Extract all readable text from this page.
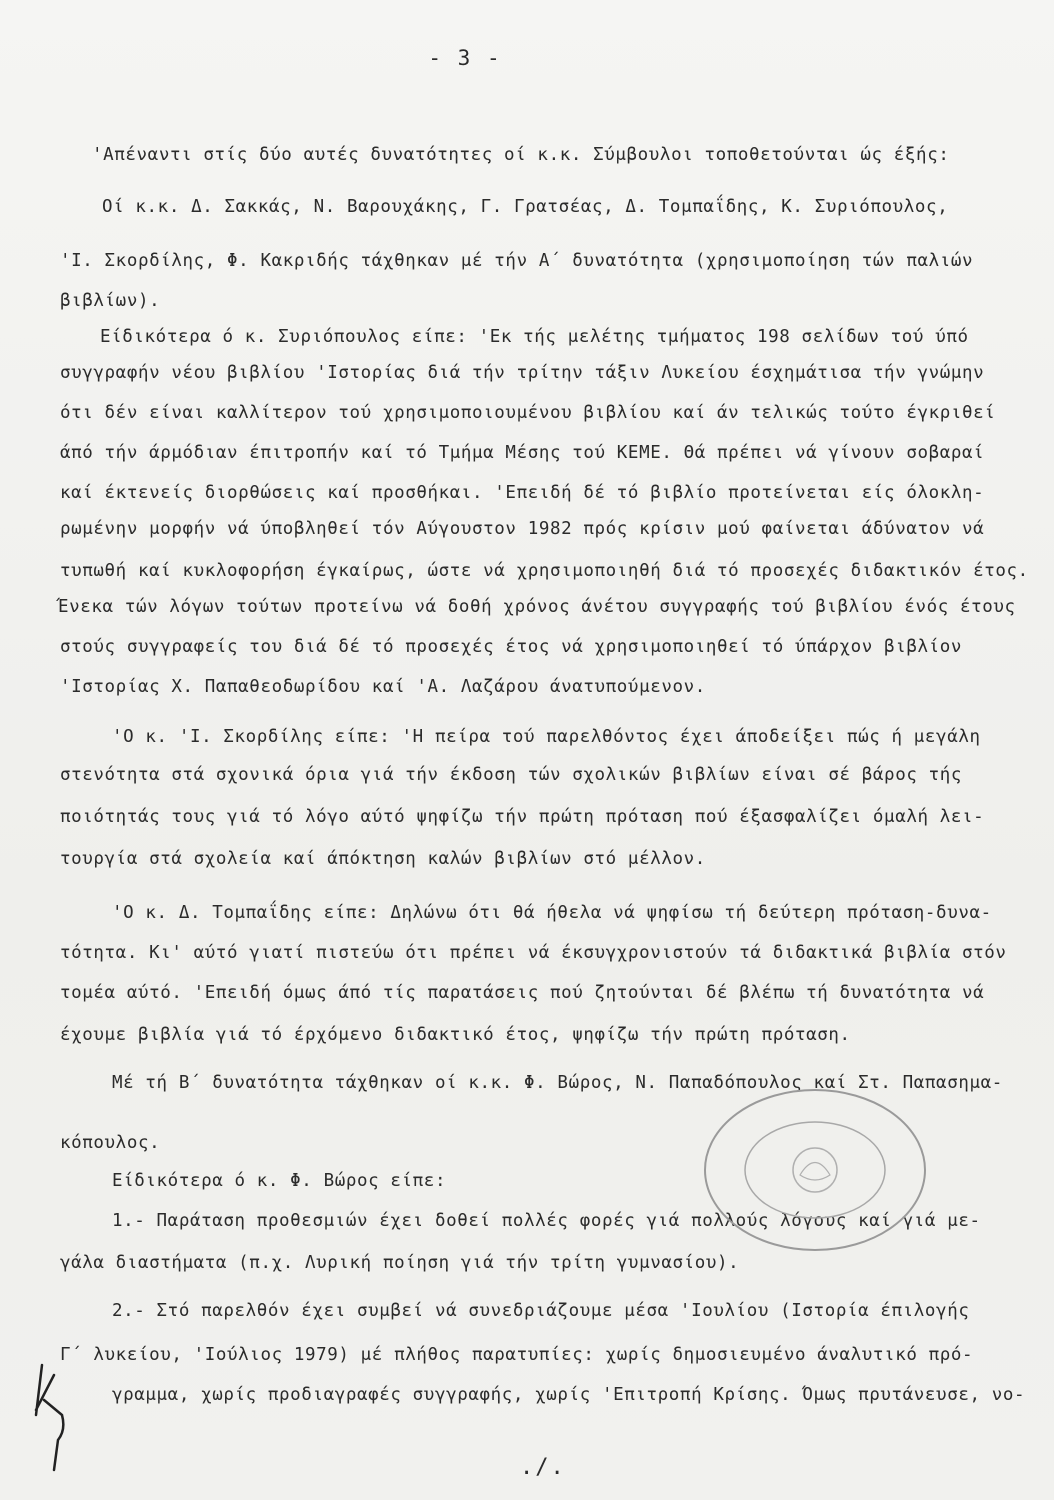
- 3 -
'Απέναντι στίς δύο αυτές δυνατότητες οί κ.κ. Σύμβουλοι τοποθετούνται ώς έξής:
Οί κ.κ. Δ. Σακκάς, Ν. Βαρουχάκης, Γ. Γρατσέας, Δ. Τομπαΐδης, Κ. Συριόπουλος,
'Ι. Σκορδίλης, Φ. Κακριδής τάχθηκαν μέ τήν Α΄ δυνατότητα (χρησιμοποίηση τών παλιών
βιβλίων).
Είδικότερα ό κ. Συριόπουλος είπε: 'Εκ τής μελέτης τμήματος 198 σελίδων τού ύπό
συγγραφήν νέου βιβλίου 'Ιστορίας διά τήν τρίτην τάξιν Λυκείου έσχημάτισα τήν γνώμην
ότι δέν είναι καλλίτερον τού χρησιμοποιουμένου βιβλίου καί άν τελικώς τούτο έγκριθεί
άπό τήν άρμόδιαν έπιτροπήν καί τό Τμήμα Μέσης τού ΚΕΜΕ. Θά πρέπει νά γίνουν σοβαραί
καί έκτενείς διορθώσεις καί προσθήκαι. 'Επειδή δέ τό βιβλίο προτείνεται είς όλοκλη-
ρωμένην μορφήν νά ύποβληθεί τόν Αύγουστον 1982 πρός κρίσιν μού φαίνεται άδύνατον νά
τυπωθή καί κυκλοφορήση έγκαίρως, ώστε νά χρησιμοποιηθή διά τό προσεχές διδακτικόν έτος.
Ένεκα τών λόγων τούτων προτείνω νά δοθή χρόνος άνέτου συγγραφής τού βιβλίου ένός έτους
στούς συγγραφείς του διά δέ τό προσεχές έτος νά χρησιμοποιηθεί τό ύπάρχον βιβλίον
'Ιστορίας Χ. Παπαθεοδωρίδου καί 'Α. Λαζάρου άνατυπούμενον.
'Ο κ. 'Ι. Σκορδίλης είπε: 'Η πείρα τού παρελθόντος έχει άποδείξει πώς ή μεγάλη
στενότητα στά σχονικά όρια γιά τήν έκδοση τών σχολικών βιβλίων είναι σέ βάρος τής
ποιότητάς τους γιά τό λόγο αύτό ψηφίζω τήν πρώτη πρόταση πού έξασφαλίζει όμαλή λει-
τουργία στά σχολεία καί άπόκτηση καλών βιβλίων στό μέλλον.
'Ο κ. Δ. Τομπαΐδης είπε: Δηλώνω ότι θά ήθελα νά ψηφίσω τή δεύτερη πρόταση-δυνα-
τότητα. Κι' αύτό γιατί πιστεύω ότι πρέπει νά έκσυγχρονιστούν τά διδακτικά βιβλία στόν
τομέα αύτό. 'Επειδή όμως άπό τίς παρατάσεις πού ζητούνται δέ βλέπω τή δυνατότητα νά
έχουμε βιβλία γιά τό έρχόμενο διδακτικό έτος, ψηφίζω τήν πρώτη πρόταση.
Μέ τή Β΄ δυνατότητα τάχθηκαν οί κ.κ. Φ. Βώρος, Ν. Παπαδόπουλος καί Στ. Παπασημα-
κόπουλος.
Είδικότερα ό κ. Φ. Βώρος είπε:
1.- Παράταση προθεσμιών έχει δοθεί πολλές φορές γιά πολλούς λόγους καί γιά με-
γάλα διαστήματα (π.χ. Λυρική ποίηση γιά τήν τρίτη γυμνασίου).
2.- Στό παρελθόν έχει συμβεί νά συνεδριάζουμε μέσα 'Ιουλίου (Ιστορία έπιλογής
Γ΄ λυκείου, 'Ιούλιος 1979) μέ πλήθος παρατυπίες: χωρίς δημοσιευμένο άναλυτικό πρό-
γραμμα, χωρίς προδιαγραφές συγγραφής, χωρίς 'Επιτροπή Κρίσης. Όμως πρυτάνευσε, νο-
./.
